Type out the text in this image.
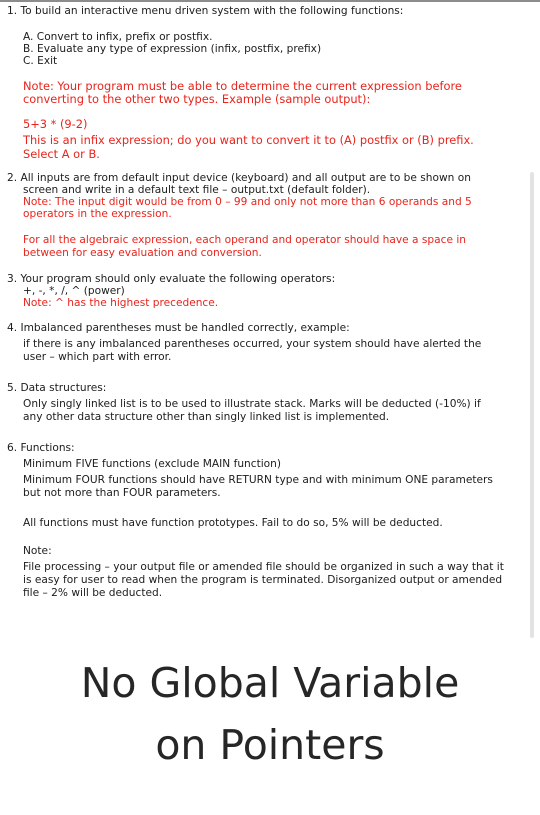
1. To build an interactive menu driven system with the following functions:
A. Convert to infix, prefix or postfix.
B. Evaluate any type of expression (infix, postfix, prefix)
C. Exit
Note: Your program must be able to determine the current expression before
converting to the other two types. Example (sample output):
5+3 * (9-2)
This is an infix expression; do you want to convert it to (A) postfix or (B) prefix.
Select A or B.
2. All inputs are from default input device (keyboard) and all output are to be shown on
screen and write in a default text file – output.txt (default folder).
Note: The input digit would be from 0 – 99 and only not more than 6 operands and 5
operators in the expression.
For all the algebraic expression, each operand and operator should have a space in
between for easy evaluation and conversion.
3. Your program should only evaluate the following operators:
+, -, *, /, ^ (power)
Note: ^ has the highest precedence.
4. Imbalanced parentheses must be handled correctly, example:
if there is any imbalanced parentheses occurred, your system should have alerted the
user – which part with error.
5. Data structures:
Only singly linked list is to be used to illustrate stack. Marks will be deducted (-10%) if
any other data structure other than singly linked list is implemented.
6. Functions:
Minimum FIVE functions (exclude MAIN function)
Minimum FOUR functions should have RETURN type and with minimum ONE parameters
but not more than FOUR parameters.
All functions must have function prototypes. Fail to do so, 5% will be deducted.
Note:
File processing – your output file or amended file should be organized in such a way that it
is easy for user to read when the program is terminated. Disorganized output or amended
file – 2% will be deducted.
No Global Variable
on Pointers
